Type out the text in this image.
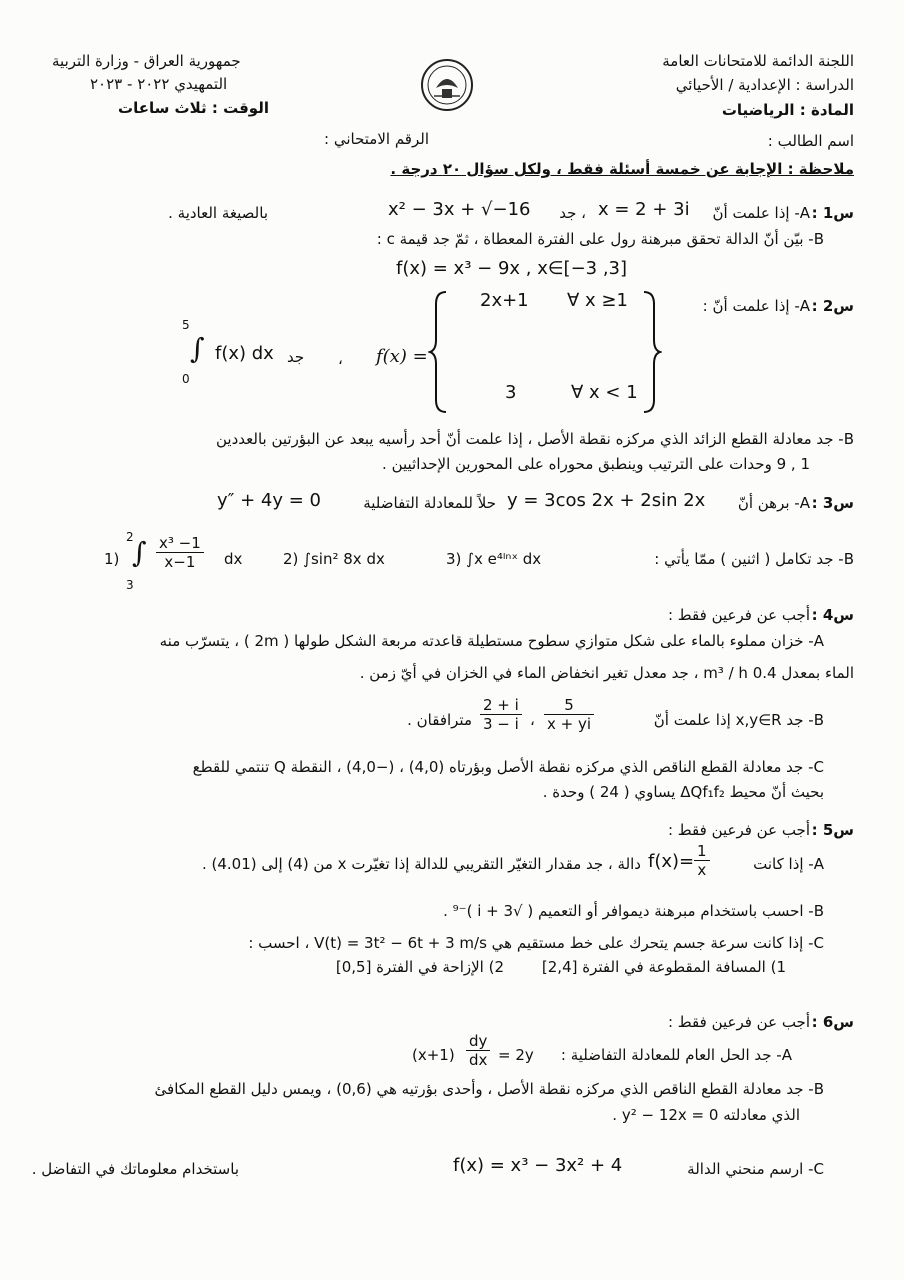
اللجنة الدائمة للامتحانات العامة
الدراسة : الإعدادية / الأحيائي
المادة : الرياضيات
جمهورية العراق - وزارة التربية
التمهيدي ٢٠٢٢ - ٢٠٢٣
الوقت : ثلاث ساعات
اسم الطالب :
الرقم الامتحاني :
ملاحظة : الإجابة عن خمسة أسئلة فقط ، ولكل سؤال ٢٠ درجة .
س1 :
A- إذا علمت أنّ
x = 2 + 3i
، جد
x² − 3x + √−16
بالصيغة العادية .
B- بيّن أنّ الدالة تحقق مبرهنة رول على الفترة المعطاة ، ثمّ جد قيمة c :
f(x) = x³ − 9x , x∈[−3 ,3]
س2 :
A- إذا علمت أنّ :
2x+1 ∀ x ≥1
3	∀ x < 1
f(x) =
،
جد
5
∫
0
f(x) dx
B- جد معادلة القطع الزائد الذي مركزه نقطة الأصل ، إذا علمت أنّ أحد رأسيه يبعد عن البؤرتين بالعددين
1 , 9 وحدات على الترتيب وينطبق محوراه على المحورين الإحداثيين .
س3 :
A- برهن أنّ
y = 3cos 2x + 2sin 2x
حلاً للمعادلة التفاضلية
y″ + 4y = 0
B- جد تكامل ( اثنين ) ممّا يأتي :
1)
2
∫
3
$\frac{\text{x³ −1}}{x-1}$ dx	2) ∫sin² 8x dx	3) ∫x e⁴ˡⁿˣ dx
س4 :
أجب عن فرعين فقط :
A- خزان مملوء بالماء على شكل متوازي سطوح مستطيلة قاعدته مربعة الشكل طولها ( 2m ) ، يتسرّب منه
الماء بمعدل 0.4 m³ / h ، جد معدل تغير انخفاض الماء في الخزان في أيّ زمن .
B- جد x,y∈R إذا علمت أنّ
$\frac{5}{x + yi}$
،
$\frac{2 + i}{3 - i}$
مترافقان .
C- جد معادلة القطع الناقص الذي مركزه نقطة الأصل وبؤرتاه (4,0) ، (−4,0) ، النقطة Q تنتمي للقطع
بحيث أنّ محيط ΔQf₁f₂ يساوي ( 24 ) وحدة .
س5 :
أجب عن فرعين فقط :
A- إذا كانت
$f(x)= \frac{1}{x}$
دالة ، جد مقدار التغيّر التقريبي للدالة إذا تغيّرت x من (4) إلى (4.01) .
B- احسب باستخدام مبرهنة ديموافر أو التعميم ( √3 + i )⁻⁹ .
C- إذا كانت سرعة جسم يتحرك على خط مستقيم هي V(t) = 3t² − 6t + 3 m/s ، احسب :
1) المسافة المقطوعة في الفترة [2,4]
2) الإزاحة في الفترة [0,5]
س6 :
أجب عن فرعين فقط :
A- جد الحل العام للمعادلة التفاضلية :
$(x+1) \frac{dy}{dx} = 2y$
B- جد معادلة القطع الناقص الذي مركزه نقطة الأصل ، وأحدى بؤرتيه هي (0,6) ، ويمس دليل القطع المكافئ
الذي معادلته y² − 12x = 0 .
C- ارسم منحني الدالة
f(x) = x³ − 3x² + 4
باستخدام معلوماتك في التفاضل .
